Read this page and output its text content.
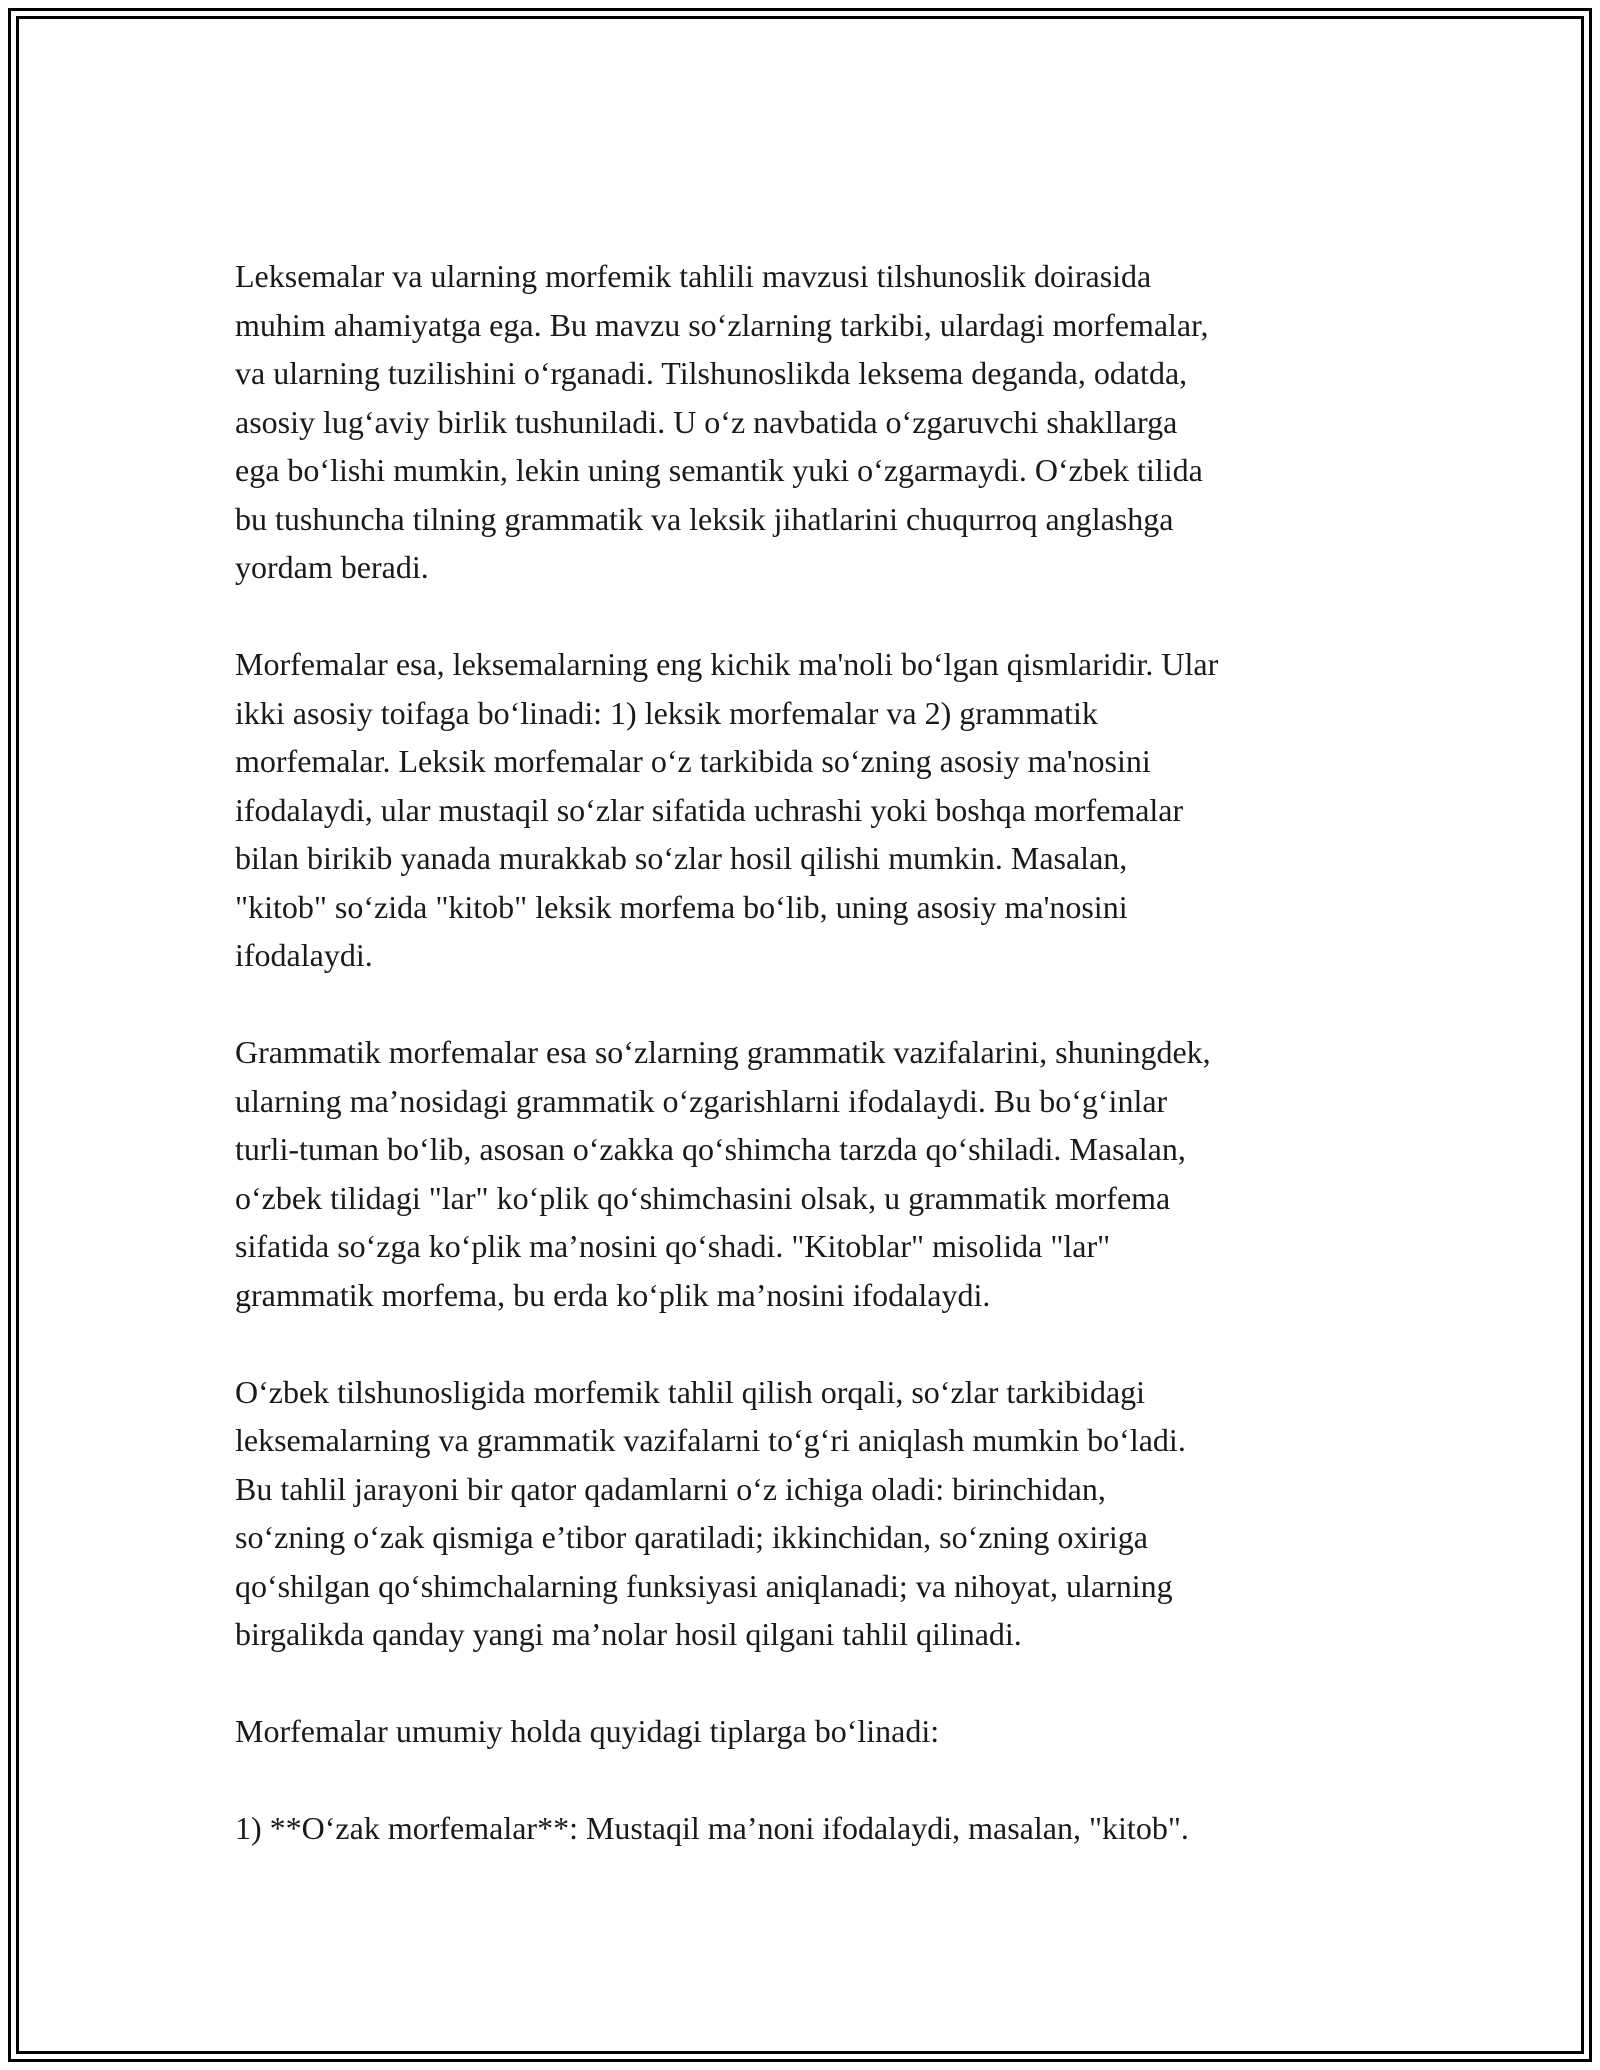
Leksemalar va ularning morfemik tahlili mavzusi tilshunoslik doirasida
muhim ahamiyatga ega. Bu mavzu so‘zlarning tarkibi, ulardagi morfemalar,
va ularning tuzilishini o‘rganadi. Tilshunoslikda leksema deganda, odatda,
asosiy lug‘aviy birlik tushuniladi. U o‘z navbatida o‘zgaruvchi shakllarga
ega bo‘lishi mumkin, lekin uning semantik yuki o‘zgarmaydi. O‘zbek tilida
bu tushuncha tilning grammatik va leksik jihatlarini chuqurroq anglashga
yordam beradi.

Morfemalar esa, leksemalarning eng kichik ma'noli bo‘lgan qismlaridir. Ular
ikki asosiy toifaga bo‘linadi: 1) leksik morfemalar va 2) grammatik
morfemalar. Leksik morfemalar o‘z tarkibida so‘zning asosiy ma'nosini
ifodalaydi, ular mustaqil so‘zlar sifatida uchrashi yoki boshqa morfemalar
bilan birikib yanada murakkab so‘zlar hosil qilishi mumkin. Masalan,
"kitob" so‘zida "kitob" leksik morfema bo‘lib, uning asosiy ma'nosini
ifodalaydi.

Grammatik morfemalar esa so‘zlarning grammatik vazifalarini, shuningdek,
ularning ma’nosidagi grammatik o‘zgarishlarni ifodalaydi. Bu bo‘g‘inlar
turli-tuman bo‘lib, asosan o‘zakka qo‘shimcha tarzda qo‘shiladi. Masalan,
o‘zbek tilidagi "lar" ko‘plik qo‘shimchasini olsak, u grammatik morfema
sifatida so‘zga ko‘plik ma’nosini qo‘shadi. "Kitoblar" misolida "lar"
grammatik morfema, bu erda ko‘plik ma’nosini ifodalaydi.

O‘zbek tilshunosligida morfemik tahlil qilish orqali, so‘zlar tarkibidagi
leksemalarning va grammatik vazifalarni to‘g‘ri aniqlash mumkin bo‘ladi.
Bu tahlil jarayoni bir qator qadamlarni o‘z ichiga oladi: birinchidan,
so‘zning o‘zak qismiga e’tibor qaratiladi; ikkinchidan, so‘zning oxiriga
qo‘shilgan qo‘shimchalarning funksiyasi aniqlanadi; va nihoyat, ularning
birgalikda qanday yangi ma’nolar hosil qilgani tahlil qilinadi.

Morfemalar umumiy holda quyidagi tiplarga bo‘linadi:

1) **O‘zak morfemalar**: Mustaqil ma’noni ifodalaydi, masalan, "kitob".
